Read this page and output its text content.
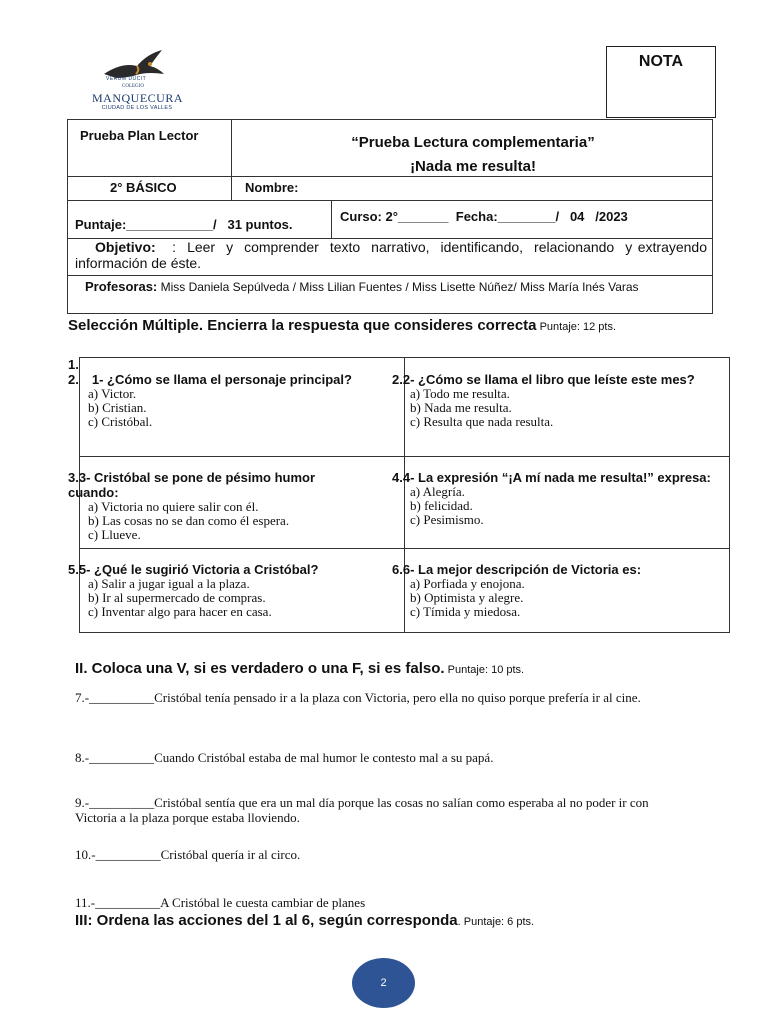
VERUM DUCIT
COLEGIO
MANQUECURA
CIUDAD DE LOS VALLES
NOTA
Prueba Plan Lector	“Prueba Lectura complementaria”
¡Nada me resulta!
2° BÁSICO	Nombre:
Puntaje:____________/   31 puntos.
Curso: 2°_______  Fecha:________/   04   /2023
Objetivo:   :  Leer  y  comprender  texto  narrativo,  identificando,  relacionando  y extrayendo información de éste.
Profesoras: Miss Daniela Sepúlveda / Miss Lilian Fuentes / Miss Lisette Núñez/ Miss María Inés Varas
Selección Múltiple. Encierra la respuesta que consideres correcta Puntaje: 12 pts.
1.
2. 1- ¿Cómo se llama el personaje principal?
a) Victor.
b) Cristian.
c) Cristóbal.
2.2- ¿Cómo se llama el libro que leíste este mes?
a) Todo me resulta.
b) Nada me resulta.
c) Resulta que nada resulta.
3.3- Cristóbal se pone de pésimo humor cuando:
a) Victoria no quiere salir con él.
b) Las cosas no se dan como él espera.
c) Llueve.
4.4- La expresión “¡A mí nada me resulta!” expresa:
a) Alegría.
b) felicidad.
c) Pesimismo.
5.5- ¿Qué le sugirió Victoria a Cristóbal?
a) Salir a jugar igual a la plaza.
b) Ir al supermercado de compras.
c) Inventar algo para hacer en casa.
6.6- La mejor descripción de Victoria es:
a) Porfiada y enojona.
b) Optimista y alegre.
c) Tímida y miedosa.
II. Coloca una V, si es verdadero o una F, si es falso. Puntaje: 10 pts.
7.-__________Cristóbal tenía pensado ir a la plaza con Victoria, pero ella no quiso porque prefería ir al cine.
8.-__________Cuando Cristóbal estaba de mal humor le contesto mal a su papá.
9.-__________Cristóbal sentía que era un mal día porque las cosas no salían como esperaba al no poder ir con Victoria a la plaza porque estaba lloviendo.
10.-__________Cristóbal quería ir al circo.
11.-__________A Cristóbal le cuesta cambiar de planes
III: Ordena las acciones del 1 al 6, según corresponda. Puntaje: 6 pts.
2
